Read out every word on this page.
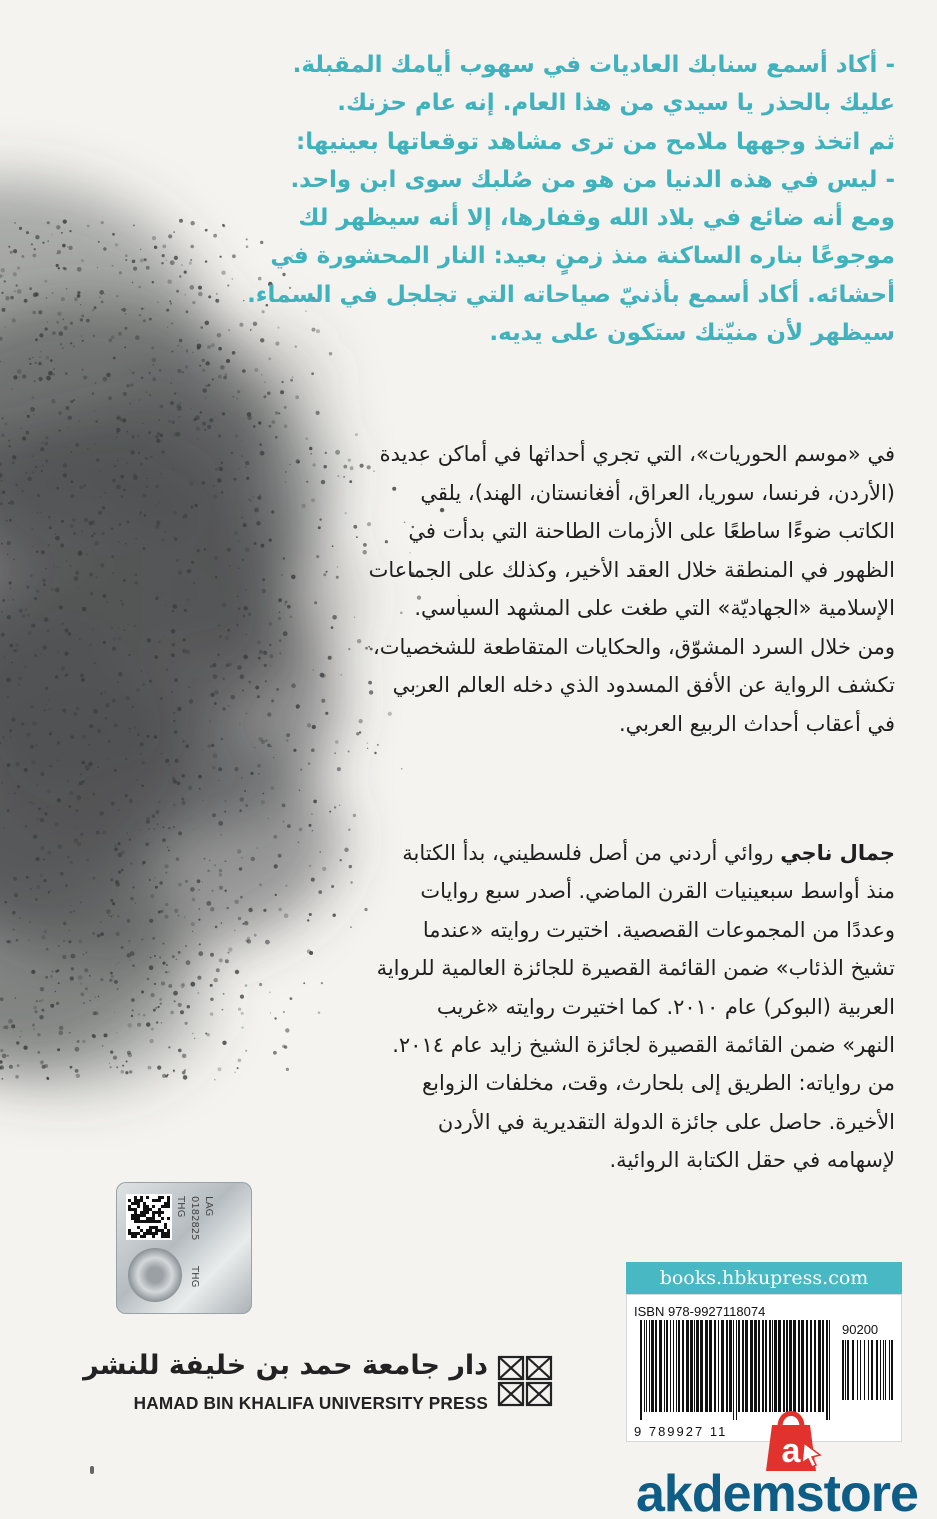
- أكاد أسمع سنابك العاديات في سهوب أيامك المقبلة.

عليك بالحذر يا سيدي من هذا العام. إنه عام حزنك.

ثم اتخذ وجهها ملامح من ترى مشاهد توقعاتها بعينيها:

- ليس في هذه الدنيا من هو من صُلبك سوى ابن واحد.

ومع أنه ضائع في بلاد الله وقفارها، إلا أنه سيظهر لك

موجوعًا بناره الساكنة منذ زمنٍ بعيد: النار المحشورة في

أحشائه. أكاد أسمع بأذنيّ صياحاته التي تجلجل في السماء.

سيظهر لأن منيّتك ستكون على يديه.

في «موسم الحوريات»، التي تجري أحداثها في أماكن عديدة

(الأردن، فرنسا، سوريا، العراق، أفغانستان، الهند)، يلقي

الكاتب ضوءًا ساطعًا على الأزمات الطاحنة التي بدأت في

الظهور في المنطقة خلال العقد الأخير، وكذلك على الجماعات

الإسلامية «الجهاديّة» التي طغت على المشهد السياسي.

ومن خلال السرد المشوّق، والحكايات المتقاطعة للشخصيات،

تكشف الرواية عن الأفق المسدود الذي دخله العالم العربي

في أعقاب أحداث الربيع العربي.

جمال ناجي روائي أردني من أصل فلسطيني، بدأ الكتابة

منذ أواسط سبعينيات القرن الماضي. أصدر سبع روايات

وعددًا من المجموعات القصصية. اختيرت روايته «عندما

تشيخ الذئاب» ضمن القائمة القصيرة للجائزة العالمية للرواية

العربية (البوكر) عام ٢٠١٠. كما اختيرت روايته «غريب

النهر» ضمن القائمة القصيرة لجائزة الشيخ زايد عام ٢٠١٤.

من رواياته: الطريق إلى بلحارث، وقت، مخلفات الزوابع

الأخيرة. حاصل على جائزة الدولة التقديرية في الأردن

لإسهامه في حقل الكتابة الروائية.

THG 0182825 LAG
THG
دار جامعة حمد بن خليفة للنشر
HAMAD BIN KHALIFA UNIVERSITY PRESS
books.hbkupress.com
ISBN 978-9927118074
90200
9 789927 11
a
akdemstore
